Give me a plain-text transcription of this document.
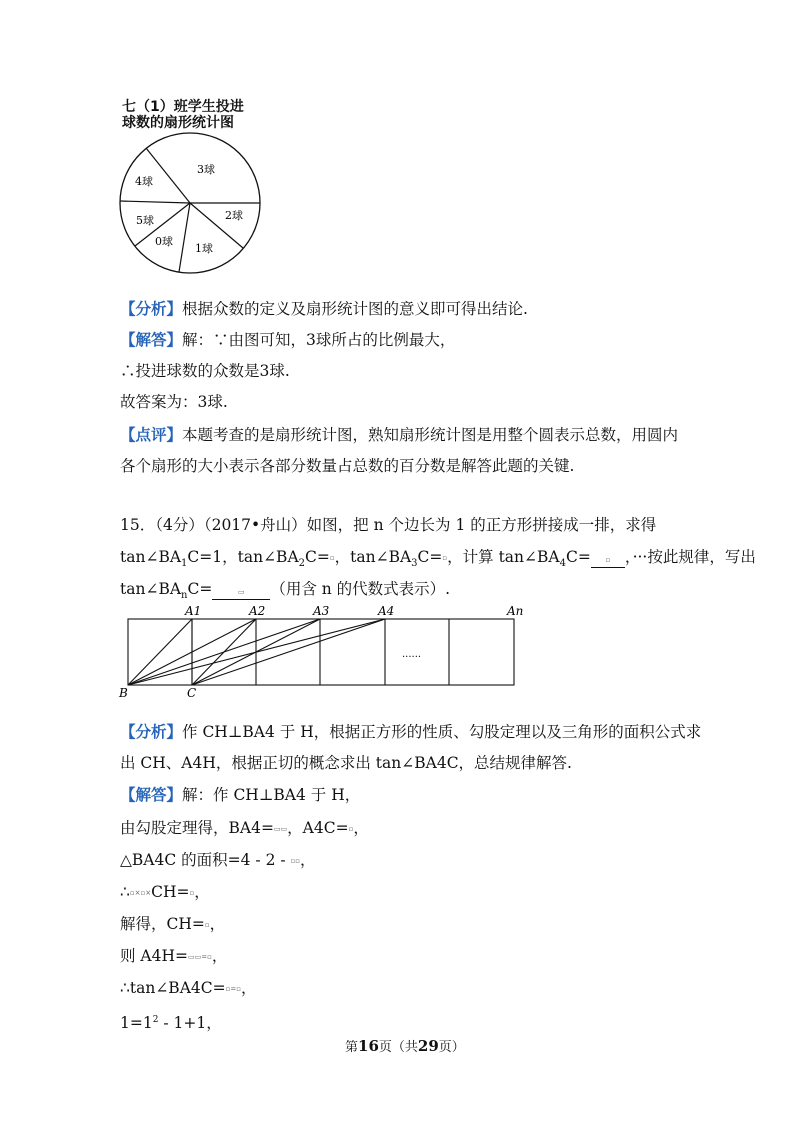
七（1）班学生投进
球数的扇形统计图
3球
4球
2球
5球
0球
1球
【分析】根据众数的定义及扇形统计图的意义即可得出结论.
【解答】解：∵由图可知，3球所占的比例最大，
∴投进球数的众数是3球.
故答案为：3球.
【点评】本题考查的是扇形统计图，熟知扇形统计图是用整个圆表示总数，用圆内
各个扇形的大小表示各部分数量占总数的百分数是解答此题的关键.
15．（4分）（2017•舟山）如图，把 n 个边长为 1 的正方形拼接成一排，求得
$\tan\angle BA_1C=1$，$\tan\angle BA_2C=▫$，$\tan\angle BA_3C=▫$，计算 $\tan\angle BA_4C=$ ▫ ，···按此规律，写出
$\tan\angle BA_nC=$	▭ （用含 n 的代数式表示）.
......
A1	A2	A3	A4	An
B	C
【分析】作 CH⊥BA4 于 H，根据正方形的性质、勾股定理以及三角形的面积公式求
出 CH、A4H，根据正切的概念求出 tan∠BA4C，总结规律解答.
【解答】解：作 CH⊥BA4 于 H，
由勾股定理得，BA4=▭▭，A4C=▫，
△BA4C 的面积=4 - 2 - ▫▫，
∴▫×▫×CH=▫，
解得，CH=▫，
则 A4H=▭▭=▫，
∴tan∠BA4C=▫=▫，
$1=1^2 - 1+1$，
第16页（共29页）
